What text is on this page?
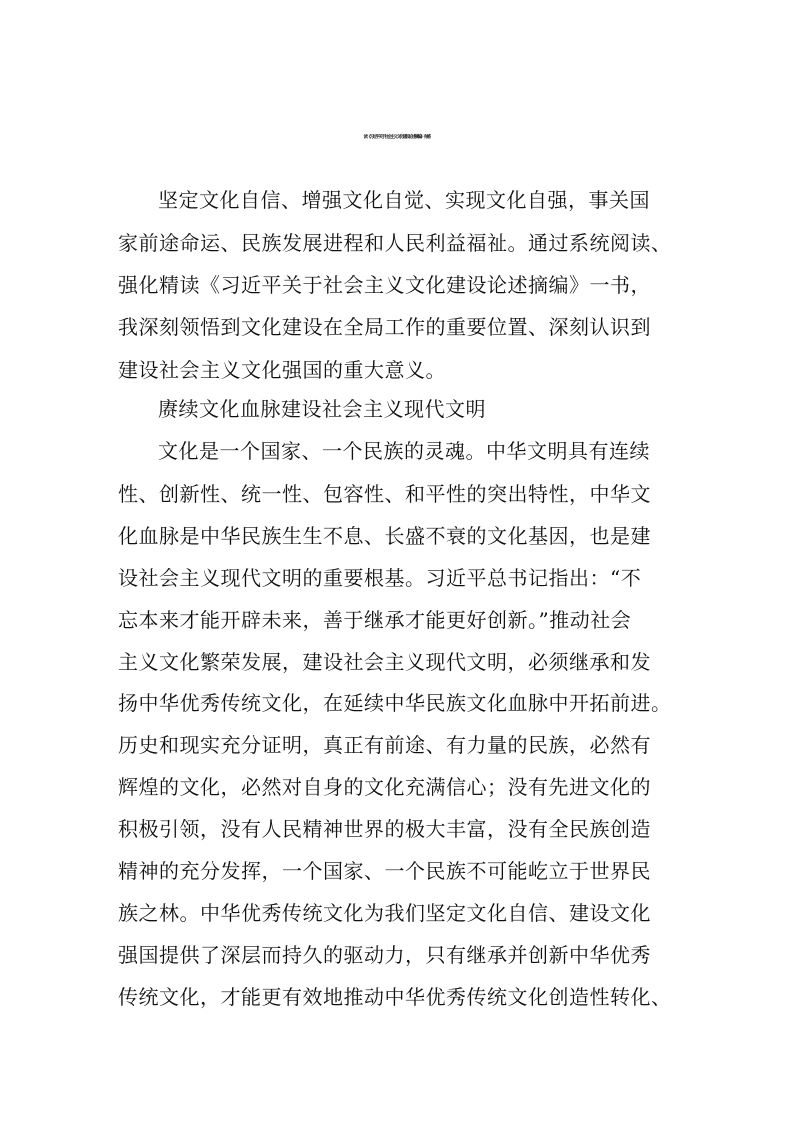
读《习近平关于社会主义文化建设论述摘编》有感
坚定文化自信、增强文化自觉、实现文化自强，事关国
家前途命运、民族发展进程和人民利益福祉。通过系统阅读、
强化精读《习近平关于社会主义文化建设论述摘编》一书，
我深刻领悟到文化建设在全局工作的重要位置、深刻认识到
建设社会主义文化强国的重大意义。
赓续文化血脉建设社会主义现代文明
文化是一个国家、一个民族的灵魂。中华文明具有连续
性、创新性、统一性、包容性、和平性的突出特性，中华文
化血脉是中华民族生生不息、长盛不衰的文化基因，也是建
设社会主义现代文明的重要根基。习近平总书记指出：“不
忘本来才能开辟未来，善于继承才能更好创新。”推动社会
主义文化繁荣发展，建设社会主义现代文明，必须继承和发
扬中华优秀传统文化，在延续中华民族文化血脉中开拓前进。
历史和现实充分证明，真正有前途、有力量的民族，必然有
辉煌的文化，必然对自身的文化充满信心；没有先进文化的
积极引领，没有人民精神世界的极大丰富，没有全民族创造
精神的充分发挥，一个国家、一个民族不可能屹立于世界民
族之林。中华优秀传统文化为我们坚定文化自信、建设文化
强国提供了深层而持久的驱动力，只有继承并创新中华优秀
传统文化，才能更有效地推动中华优秀传统文化创造性转化、
